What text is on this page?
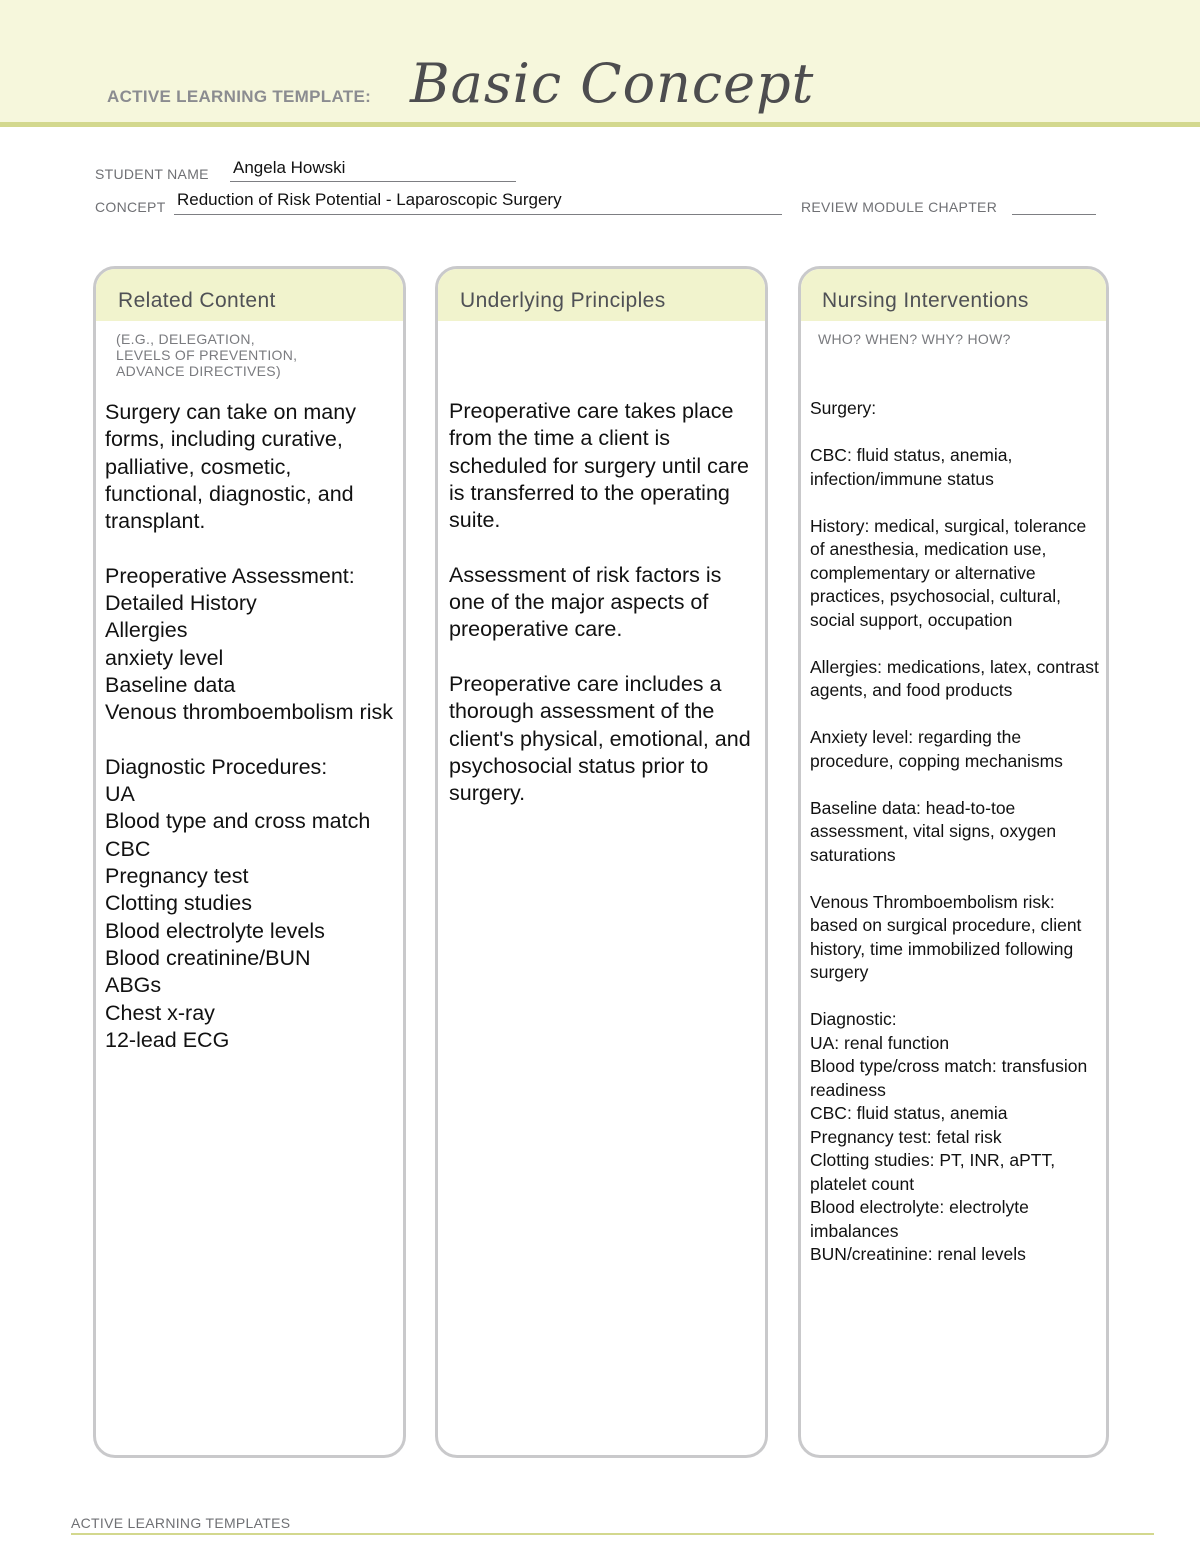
ACTIVE LEARNING TEMPLATE: Basic Concept
STUDENT NAME Angela Howski
CONCEPT Reduction of Risk Potential - Laparoscopic Surgery	REVIEW MODULE CHAPTER
Related Content
(E.G., DELEGATION,
LEVELS OF PREVENTION,
ADVANCE DIRECTIVES)
Surgery can take on many forms, including curative, palliative, cosmetic, functional, diagnostic, and transplant.

Preoperative Assessment:
Detailed History
Allergies
anxiety level
Baseline data
Venous thromboembolism risk

Diagnostic Procedures:
UA
Blood type and cross match
CBC
Pregnancy test
Clotting studies
Blood electrolyte levels
Blood creatinine/BUN
ABGs
Chest x-ray
12-lead ECG
Underlying Principles
Preoperative care takes place from the time a client is scheduled for surgery until care is transferred to the operating suite.

Assessment of risk factors is one of the major aspects of preoperative care.

Preoperative care includes a thorough assessment of the client's physical, emotional, and psychosocial status prior to surgery.
Nursing Interventions
WHO? WHEN? WHY? HOW?
Surgery:

CBC: fluid status, anemia, infection/immune status

History: medical, surgical, tolerance of anesthesia, medication use, complementary or alternative practices, psychosocial, cultural, social support, occupation

Allergies: medications, latex, contrast agents, and food products

Anxiety level: regarding the procedure, copping mechanisms

Baseline data: head-to-toe assessment, vital signs, oxygen saturations

Venous Thromboembolism risk: based on surgical procedure, client history, time immobilized following surgery

Diagnostic:
UA: renal function
Blood type/cross match: transfusion readiness
CBC: fluid status, anemia
Pregnancy test: fetal risk
Clotting studies: PT, INR, aPTT, platelet count
Blood electrolyte: electrolyte imbalances
BUN/creatinine: renal levels
ACTIVE LEARNING TEMPLATES
